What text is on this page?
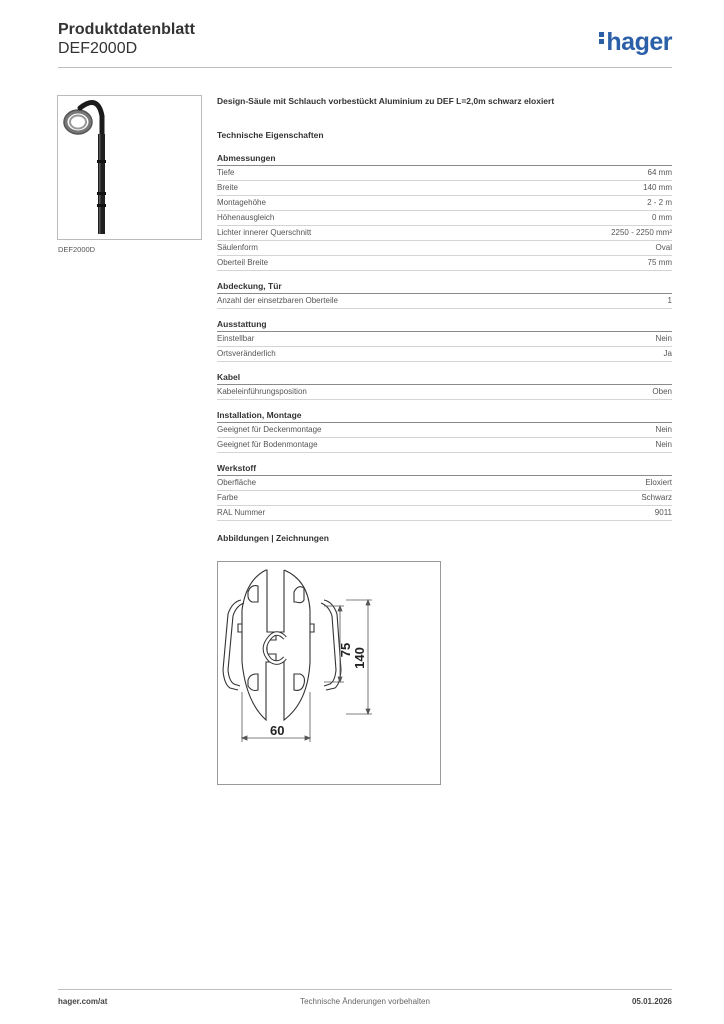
Produktdatenblatt
DEF2000D	hager
DEF2000D
Design-Säule mit Schlauch vorbestückt Aluminium zu DEF L=2,0m schwarz eloxiert
Technische Eigenschaften
Abmessungen
Tiefe	64 mm
Breite	140 mm
Montagehöhe	2 - 2 m
Höhenausgleich	0 mm
Lichter innerer Querschnitt	2250 - 2250 mm²
Säulenform	Oval
Oberteil Breite	75 mm
Abdeckung, Tür
Anzahl der einsetzbaren Oberteile	1
Ausstattung
Einstellbar	Nein
Ortsveränderlich	Ja
Kabel
Kabeleinführungsposition	Oben
Installation, Montage
Geeignet für Deckenmontage	Nein
Geeignet für Bodenmontage	Nein
Werkstoff
Oberfläche	Eloxiert
Farbe	Schwarz
RAL Nummer	9011
Abbildungen | Zeichnungen
60
75 140
hager.com/at	Technische Änderungen vorbehalten	05.01.2026
